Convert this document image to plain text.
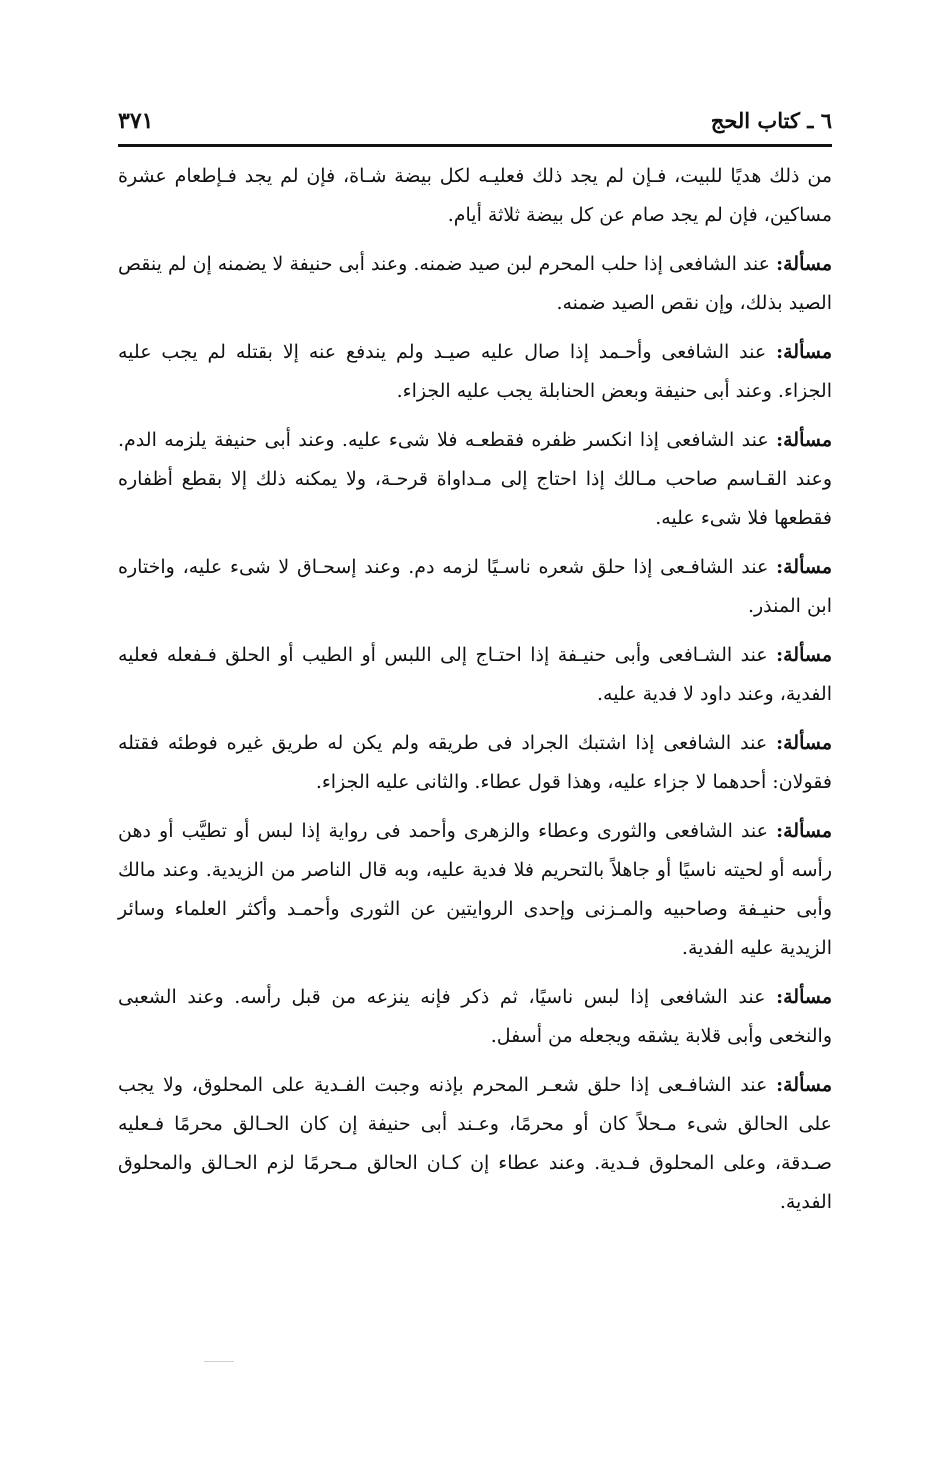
٦ ـ كتاب الحج
٣٧١

من ذلك هديًا للبيت، فـإن لم يجد ذلك فعليـه لكل بيضة شـاة، فإن لم يجد فـإطعام عشرة مساكين، فإن لم يجد صام عن كل بيضة ثلاثة أيام.

مسألة: عند الشافعى إذا حلب المحرم لبن صيد ضمنه. وعند أبى حنيفة لا يضمنه إن لم ينقص الصيد بذلك، وإن نقص الصيد ضمنه.

مسألة: عند الشافعى وأحـمد إذا صال عليه صيـد ولم يندفع عنه إلا بقتله لم يجب عليه الجزاء. وعند أبى حنيفة وبعض الحنابلة يجب عليه الجزاء.

مسألة: عند الشافعى إذا انكسر ظفره فقطعـه فلا شىء عليه. وعند أبى حنيفة يلزمه الدم. وعند القـاسم صاحب مـالك إذا احتاج إلى مـداواة قرحـة، ولا يمكنه ذلك إلا بقطع أظفاره فقطعها فلا شىء عليه.

مسألة: عند الشافـعى إذا حلق شعره ناسـيًا لزمه دم. وعند إسحـاق لا شىء عليه، واختاره ابن المنذر.

مسألة: عند الشـافعى وأبى حنيـفة إذا احتـاج إلى اللبس أو الطيب أو الحلق فـفعله فعليه الفدية، وعند داود لا فدية عليه.

مسألة: عند الشافعى إذا اشتبك الجراد فى طريقه ولم يكن له طريق غيره فوطئه فقتله فقولان: أحدهما لا جزاء عليه، وهذا قول عطاء. والثانى عليه الجزاء.

مسألة: عند الشافعى والثورى وعطاء والزهرى وأحمد فى رواية إذا لبس أو تطيَّب أو دهن رأسه أو لحيته ناسيًا أو جاهلاً بالتحريم فلا فدية عليه، وبه قال الناصر من الزيدية. وعند مالك وأبى حنيـفة وصاحبيه والمـزنى وإحدى الروايتين عن الثورى وأحمـد وأكثر العلماء وسائر الزيدية عليه الفدية.

مسألة: عند الشافعى إذا لبس ناسيًا، ثم ذكر فإنه ينزعه من قبل رأسه. وعند الشعبى والنخعى وأبى قلابة يشقه ويجعله من أسفل.

مسألة: عند الشافـعى إذا حلق شعـر المحرم بإذنه وجبت الفـدية على المحلوق، ولا يجب على الحالق شىء مـحلاً كان أو محرمًا، وعـند أبى حنيفة إن كان الحـالق محرمًا فـعليه صـدقة، وعلى المحلوق فـدية. وعند عطاء إن كـان الحالق مـحرمًا لزم الحـالق والمحلوق الفدية.
